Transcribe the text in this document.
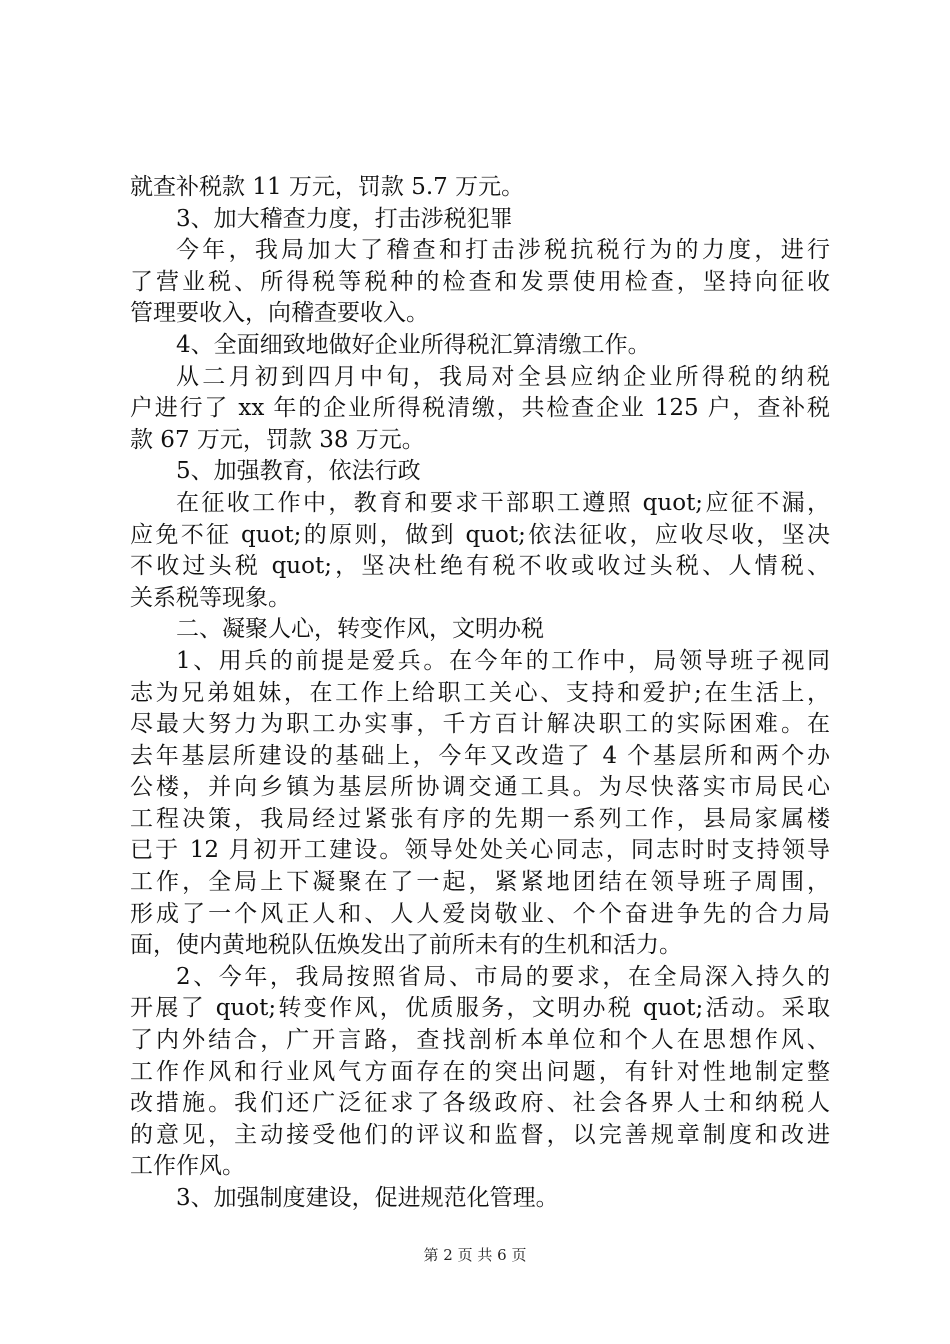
就查补税款 11 万元，罚款 5.7 万元。
3、加大稽查力度，打击涉税犯罪
今年，我局加大了稽查和打击涉税抗税行为的力度，进行
了营业税、所得税等税种的检查和发票使用检查，坚持向征收
管理要收入，向稽查要收入。
4、全面细致地做好企业所得税汇算清缴工作。
从二月初到四月中旬，我局对全县应纳企业所得税的纳税
户进行了 xx 年的企业所得税清缴，共检查企业 125 户，查补税
款 67 万元，罚款 38 万元。
5、加强教育，依法行政
在征收工作中，教育和要求干部职工遵照 quot;应征不漏，
应免不征 quot;的原则，做到 quot;依法征收，应收尽收，坚决
不收过头税 quot;，坚决杜绝有税不收或收过头税、人情税、
关系税等现象。
二、凝聚人心，转变作风，文明办税
1、用兵的前提是爱兵。在今年的工作中，局领导班子视同
志为兄弟姐妹，在工作上给职工关心、支持和爱护;在生活上，
尽最大努力为职工办实事，千方百计解决职工的实际困难。在
去年基层所建设的基础上，今年又改造了 4 个基层所和两个办
公楼，并向乡镇为基层所协调交通工具。为尽快落实市局民心
工程决策，我局经过紧张有序的先期一系列工作，县局家属楼
已于 12 月初开工建设。领导处处关心同志，同志时时支持领导
工作，全局上下凝聚在了一起，紧紧地团结在领导班子周围，
形成了一个风正人和、人人爱岗敬业、个个奋进争先的合力局
面，使内黄地税队伍焕发出了前所未有的生机和活力。
2、今年，我局按照省局、市局的要求，在全局深入持久的
开展了 quot;转变作风，优质服务，文明办税 quot;活动。采取
了内外结合，广开言路，查找剖析本单位和个人在思想作风、
工作作风和行业风气方面存在的突出问题，有针对性地制定整
改措施。我们还广泛征求了各级政府、社会各界人士和纳税人
的意见，主动接受他们的评议和监督，以完善规章制度和改进
工作作风。
3、加强制度建设，促进规范化管理。
第 2 页 共 6 页
